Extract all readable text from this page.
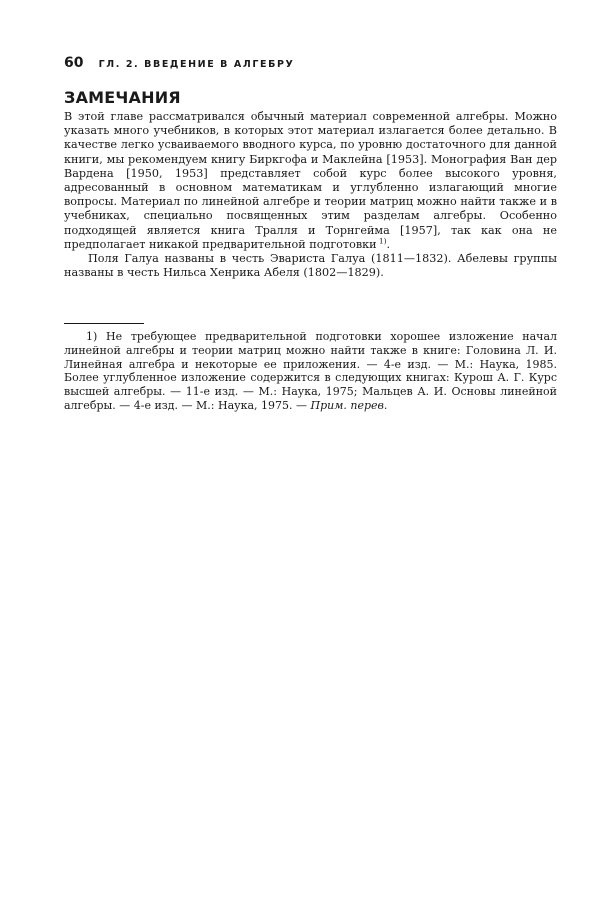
60 ГЛ. 2. ВВЕДЕНИЕ В АЛГЕБРУ
ЗАМЕЧАНИЯ

В этой главе рассматривался обычный материал современной алгебры. Можно указать много учебников, в которых этот материал излагается более детально. В качестве легко усваиваемого вводного курса, по уровню достаточного для данной книги, мы рекомендуем книгу Биркгофа и Маклейна [1953]. Монография Ван дер Вардена [1950, 1953] представляет собой курс более высокого уровня, адресованный в основном математикам и углубленно излагающий многие вопросы. Материал по линейной алгебре и теории матриц можно найти также и в учебниках, специально посвященных этим разделам алгебры. Особенно подходящей является книга Тралля и Торнгейма [1957], так как она не предполагает никакой предварительной подготовки  $^{1)}$.

Поля Галуа названы в честь Эвариста Галуа (1811—1832). Абелевы группы названы в честь Нильса Хенрика Абеля (1802—1829).

1) Не требующее предварительной подготовки хорошее изложение начал линейной алгебры и теории матриц можно найти также в книге: Головина Л. И. Линейная алгебра и некоторые ее приложения. — 4-е изд. — М.: Наука, 1985. Более углубленное изложение содержится в следующих книгах: Курош А. Г. Курс высшей алгебры. — 11-е изд. — М.: Наука, 1975; Мальцев А. И. Основы линейной алгебры. — 4-е изд. — М.: Наука, 1975. — Прим. перев.
